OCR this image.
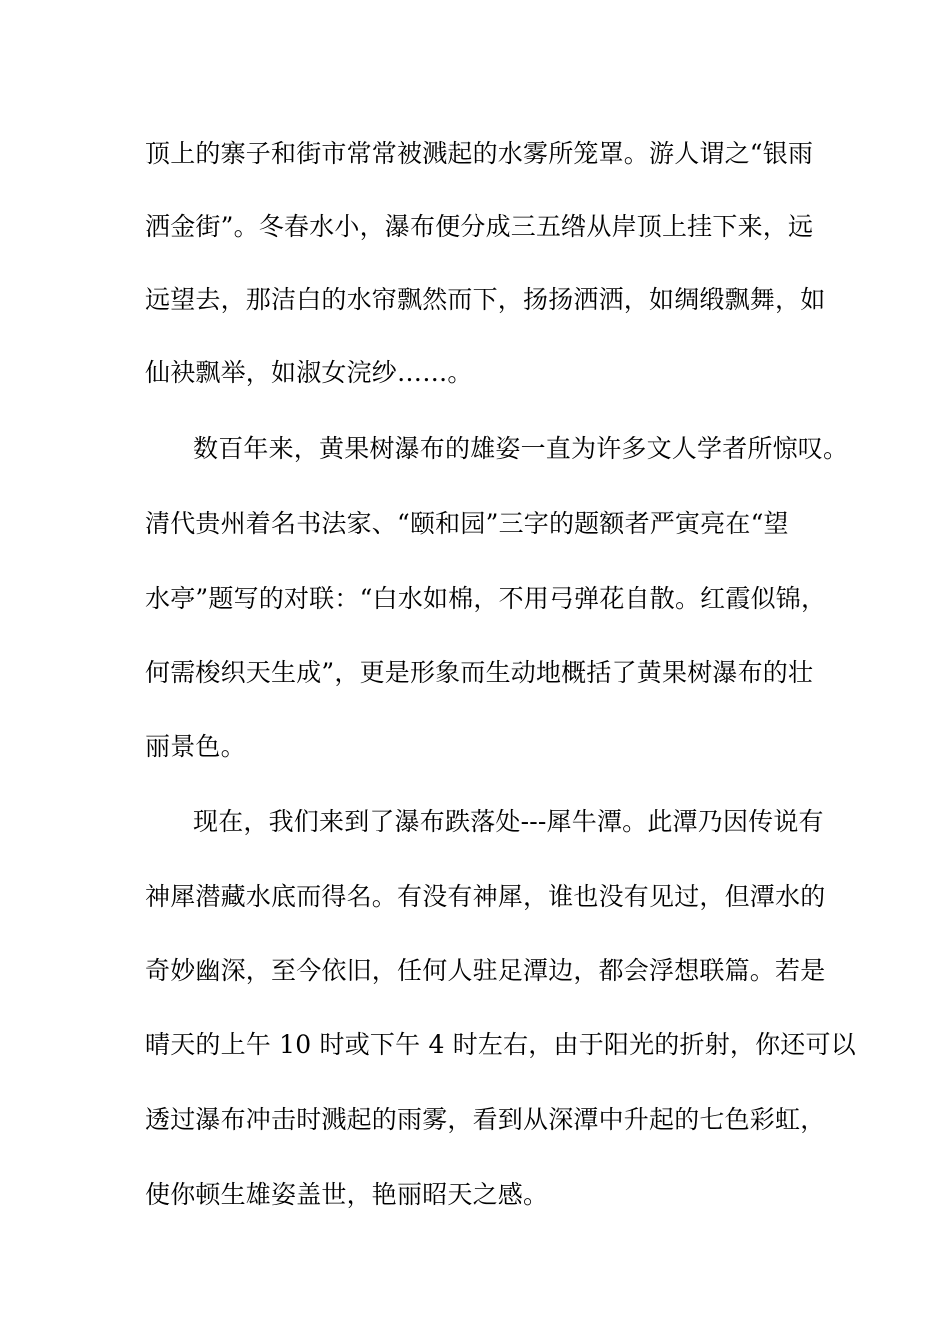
顶上的寨子和街市常常被溅起的水雾所笼罩。游人谓之“银雨
洒金街”。冬春水小，瀑布便分成三五绺从岸顶上挂下来，远
远望去，那洁白的水帘飘然而下，扬扬洒洒，如绸缎飘舞，如
仙袂飘举，如淑女浣纱……。
数百年来，黄果树瀑布的雄姿一直为许多文人学者所惊叹。
清代贵州着名书法家、“颐和园”三字的题额者严寅亮在“望
水亭”题写的对联：“白水如棉，不用弓弹花自散。红霞似锦，
何需梭织天生成”，更是形象而生动地概括了黄果树瀑布的壮
丽景色。
现在，我们来到了瀑布跌落处---犀牛潭。此潭乃因传说有
神犀潜藏水底而得名。有没有神犀，谁也没有见过，但潭水的
奇妙幽深，至今依旧，任何人驻足潭边，都会浮想联篇。若是
晴天的上午 10 时或下午 4 时左右，由于阳光的折射，你还可以
透过瀑布冲击时溅起的雨雾，看到从深潭中升起的七色彩虹，
使你顿生雄姿盖世，艳丽昭天之感。
